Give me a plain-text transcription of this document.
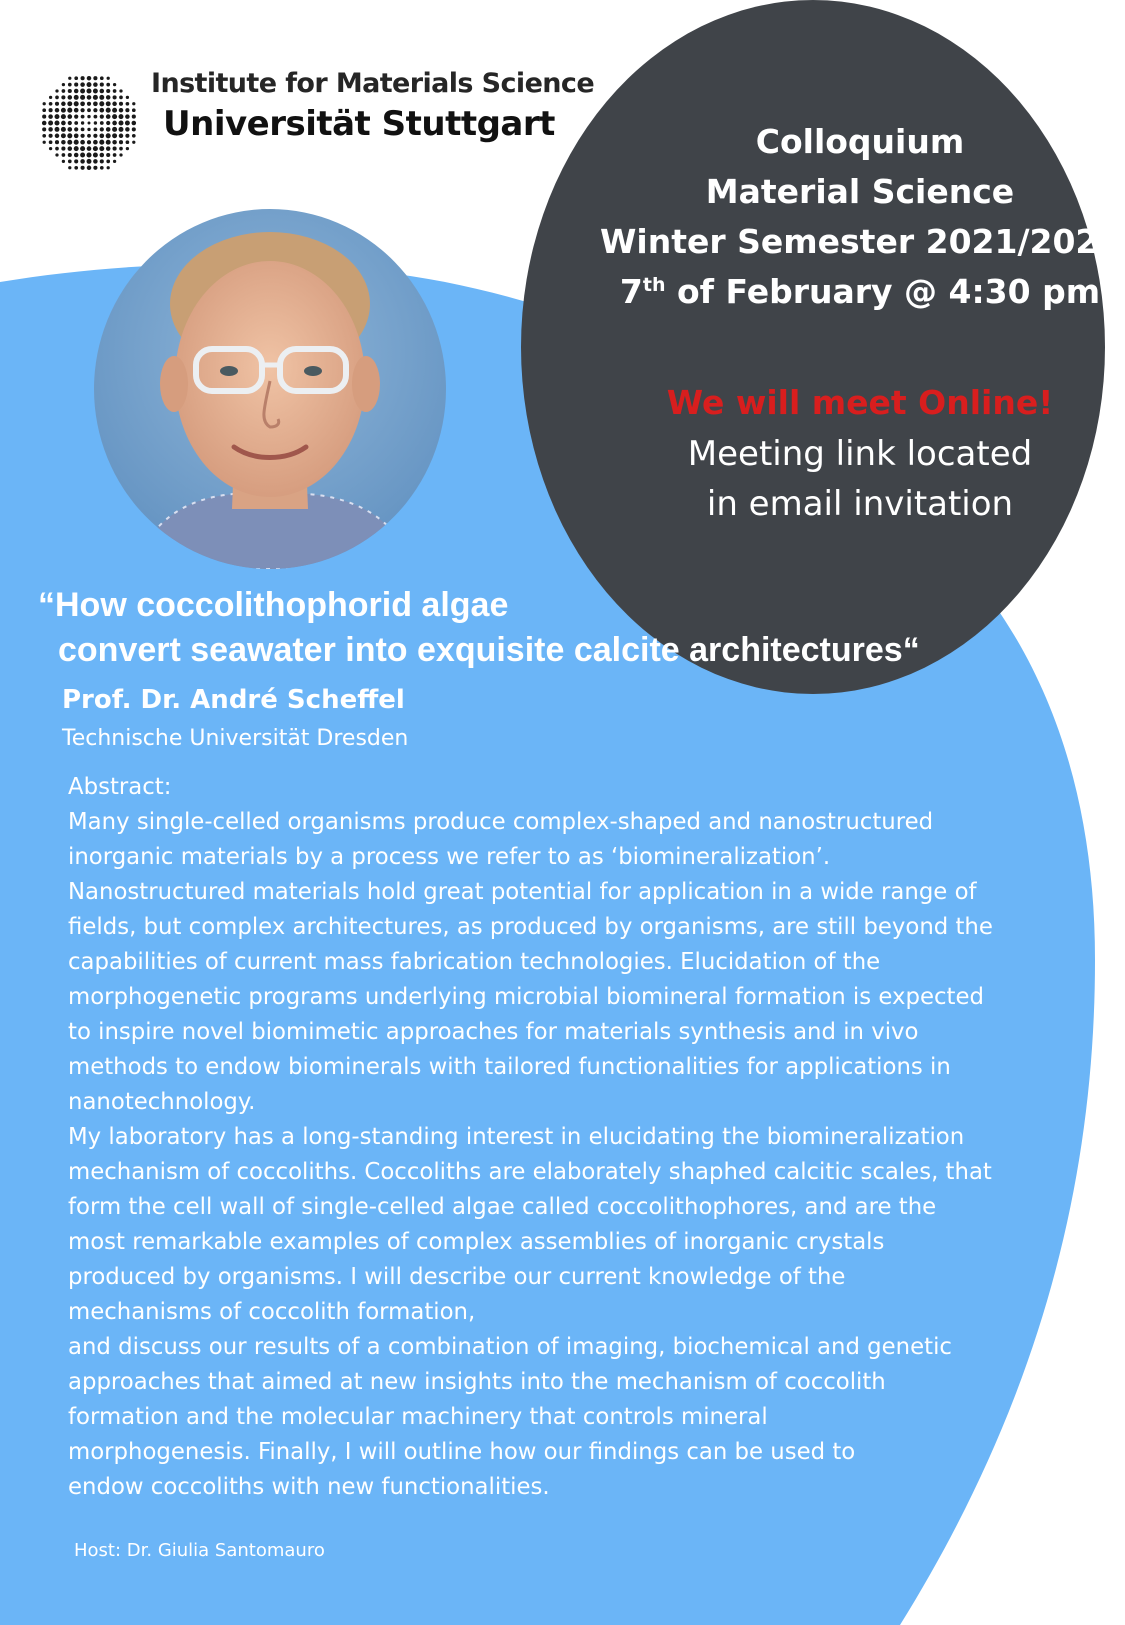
Institute for Materials Science
Universität Stuttgart	Colloquium
Material Science
Winter Semester 2021/2022
7th of February @ 4:30 pm
We will meet Online!
Meeting link located
in email invitation
“How coccolithophorid algae
convert seawater into exquisite calcite architectures“
Prof. Dr. André Scheffel
Technische Universität Dresden
Abstract:
Many single-celled organisms produce complex-shaped and nanostructured
inorganic materials by a process we refer to as ‘biomineralization’.
Nanostructured materials hold great potential for application in a wide range of
fields, but complex architectures, as produced by organisms, are still beyond the
capabilities of current mass fabrication technologies. Elucidation of the
morphogenetic programs underlying microbial biomineral formation is expected
to inspire novel biomimetic approaches for materials synthesis and in vivo
methods to endow biominerals with tailored functionalities for applications in
nanotechnology.
My laboratory has a long-standing interest in elucidating the biomineralization
mechanism of coccoliths. Coccoliths are elaborately shaphed calcitic scales, that
form the cell wall of single-celled algae called coccolithophores, and are the
most remarkable examples of complex assemblies of inorganic crystals
produced by organisms. I will describe our current knowledge of the
mechanisms of coccolith formation,
and discuss our results of a combination of imaging, biochemical and genetic
approaches that aimed at new insights into the mechanism of coccolith
formation and the molecular machinery that controls mineral
morphogenesis. Finally, I will outline how our findings can be used to
endow coccoliths with new functionalities.
Host: Dr. Giulia Santomauro
